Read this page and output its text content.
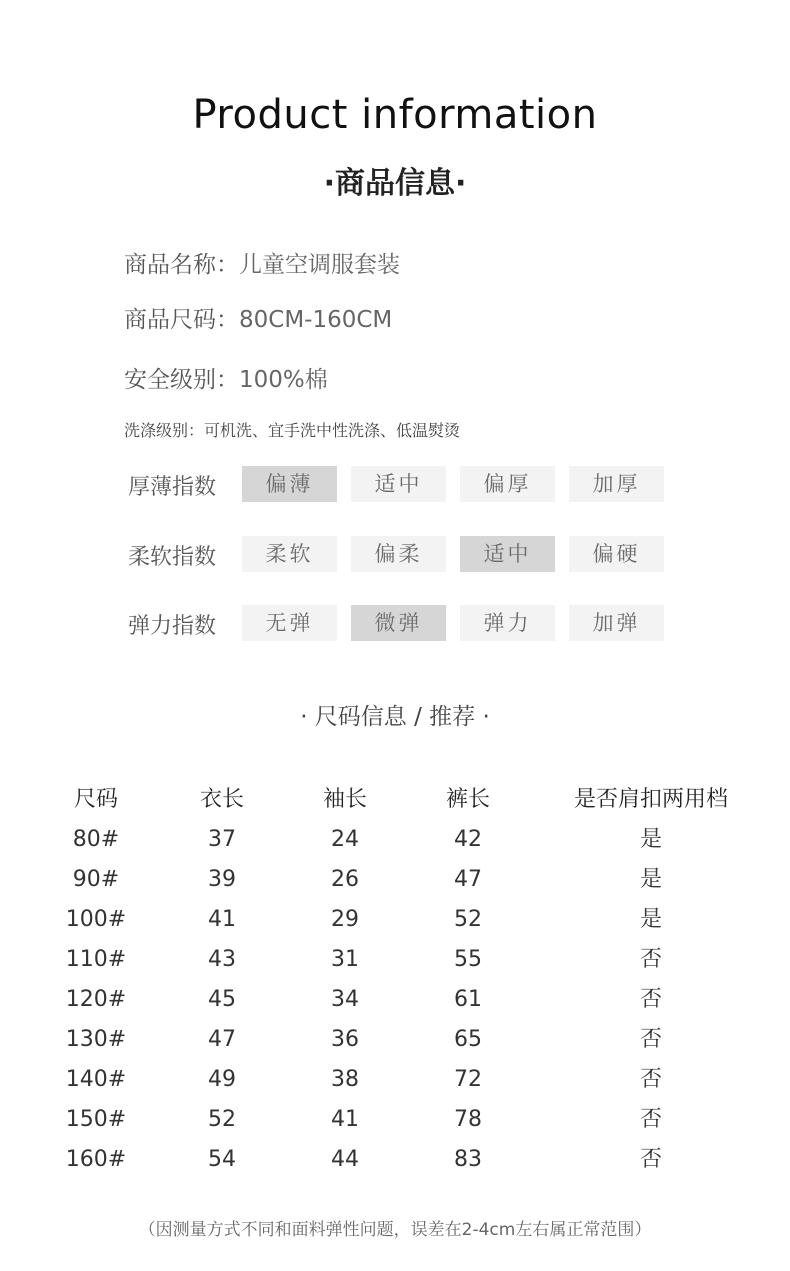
Product information
·商品信息·
商品名称：儿童空调服套装
商品尺码：80CM-160CM
安全级别：100%棉
洗涤级别：可机洗、宜手洗中性洗涤、低温熨烫
厚薄指数	偏薄	适中	偏厚	加厚
柔软指数	柔软	偏柔	适中	偏硬
弹力指数	无弹	微弹	弹力	加弹
· 尺码信息 / 推荐 ·
尺码	衣长	袖长	裤长	是否肩扣两用档
80#	37	24	42	是
90#	39	26	47	是
100#	41	29	52	是
110#	43	31	55	否
120#	45	34	61	否
130#	47	36	65	否
140#	49	38	72	否
150#	52	41	78	否
160#	54	44	83	否
（因测量方式不同和面料弹性问题，误差在2-4cm左右属正常范围）
